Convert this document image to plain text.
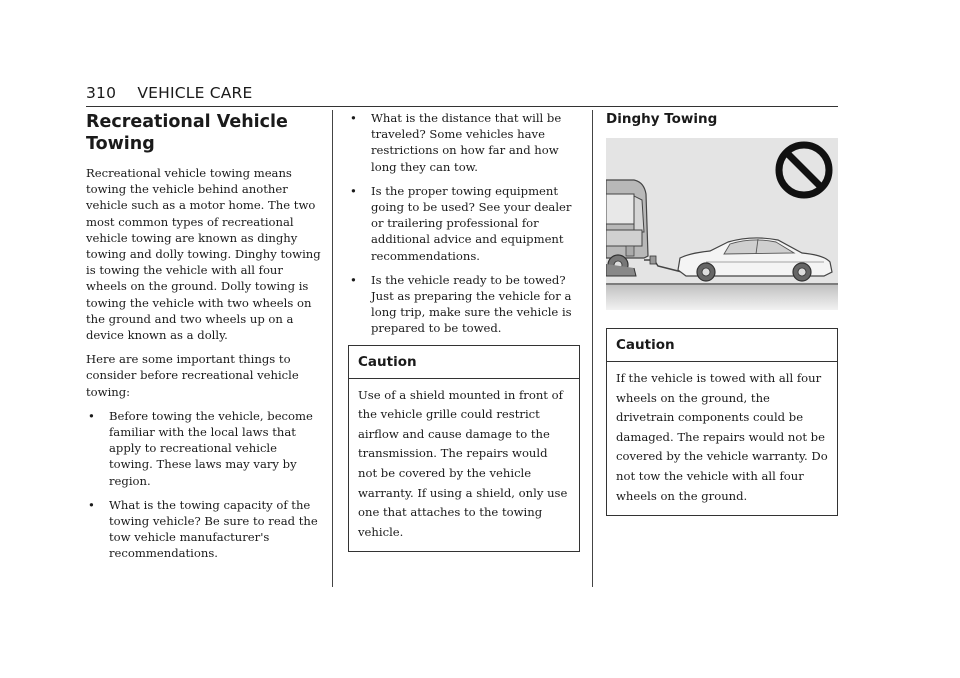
310 VEHICLE CARE
Recreational Vehicle
Towing

Recreational vehicle towing means towing the vehicle behind another vehicle such as a motor home. The two most common types of recreational vehicle towing are known as dinghy towing and dolly towing. Dinghy towing is towing the vehicle with all four wheels on the ground. Dolly towing is towing the vehicle with two wheels on the ground and two wheels up on a device known as a dolly.

Here are some important things to consider before recreational vehicle towing:

• Before towing the vehicle, become familiar with the local laws that apply to recreational vehicle towing. These laws may vary by region.
• What is the towing capacity of the towing vehicle? Be sure to read the tow vehicle manufacturer's recommendations.
• What is the distance that will be traveled? Some vehicles have restrictions on how far and how long they can tow.
• Is the proper towing equipment going to be used? See your dealer or trailering professional for additional advice and equipment recommendations.
• Is the vehicle ready to be towed? Just as preparing the vehicle for a long trip, make sure the vehicle is prepared to be towed.
Caution
Use of a shield mounted in front of the vehicle grille could restrict airflow and cause damage to the transmission. The repairs would not be covered by the vehicle warranty. If using a shield, only use one that attaches to the towing vehicle.
Dinghy Towing
Caution
If the vehicle is towed with all four wheels on the ground, the drivetrain components could be damaged. The repairs would not be covered by the vehicle warranty. Do not tow the vehicle with all four wheels on the ground.
